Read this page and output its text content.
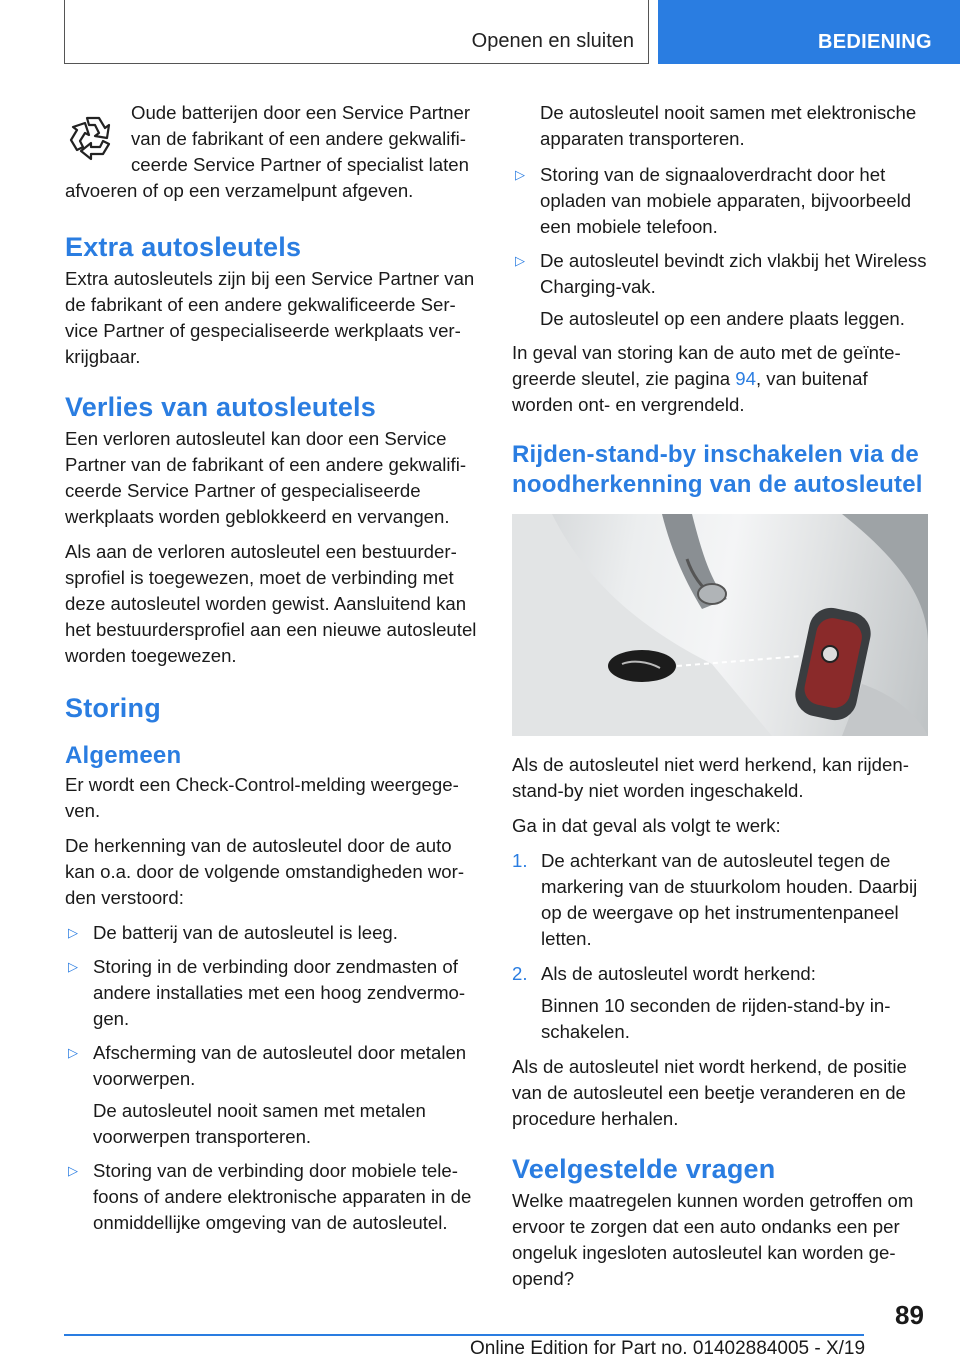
Openen en sluiten	BEDIENING
Oude batterijen door een Service Partner van de fabrikant of een andere gekwalificeerde Service Partner of specialist laten afvoeren of op een verzamelpunt afgeven.
Extra autosleutels

Extra autosleutels zijn bij een Service Partner van de fabrikant of een andere gekwalificeerde Service Partner of gespecialiseerde werkplaats verkrijgbaar.

Verlies van autosleutels

Een verloren autosleutel kan door een Service Partner van de fabrikant of een andere gekwalificeerde Service Partner of gespecialiseerde werkplaats worden geblokkeerd en vervangen.

Als aan de verloren autosleutel een bestuurdersprofiel is toegewezen, moet de verbinding met deze autosleutel worden gewist. Aansluitend kan het bestuurdersprofiel aan een nieuwe autosleutel worden toegewezen.

Storing
Algemeen

Er wordt een Check-Control-melding weergegeven.

De herkenning van de autosleutel door de auto kan o.a. door de volgende omstandigheden worden verstoord:

▷ De batterij van de autosleutel is leeg.
▷ Storing in de verbinding door zendmasten of andere installaties met een hoog zendvermogen.
▷ Afscherming van de autosleutel door metalen voorwerpen.
De autosleutel nooit samen met metalen voorwerpen transporteren.
▷ Storing van de verbinding door mobiele telefoons of andere elektronische apparaten in de onmiddellijke omgeving van de autosleutel.
De autosleutel nooit samen met elektronische apparaten transporteren.
▷ Storing van de signaaloverdracht door het opladen van mobiele apparaten, bijvoorbeeld een mobiele telefoon.
▷ De autosleutel bevindt zich vlakbij het Wireless Charging-vak.
De autosleutel op een andere plaats leggen.

In geval van storing kan de auto met de geïntegreerde sleutel, zie pagina 94, van buitenaf worden ont- en vergrendeld.

Rijden-stand-by inschakelen via de noodherkenning van de autosleutel

Als de autosleutel niet werd herkend, kan rijdenstand-by niet worden ingeschakeld.

Ga in dat geval als volgt te werk:

1. De achterkant van de autosleutel tegen de markering van de stuurkolom houden. Daarbij op de weergave op het instrumentenpaneel letten.
2. Als de autosleutel wordt herkend:
Binnen 10 seconden de rijden-stand-by inschakelen.

Als de autosleutel niet wordt herkend, de positie van de autosleutel een beetje veranderen en de procedure herhalen.

Veelgestelde vragen

Welke maatregelen kunnen worden getroffen om ervoor te zorgen dat een auto ondanks een per ongeluk ingesloten autosleutel kan worden geopend?

89
Online Edition for Part no. 01402884005 - X/19
